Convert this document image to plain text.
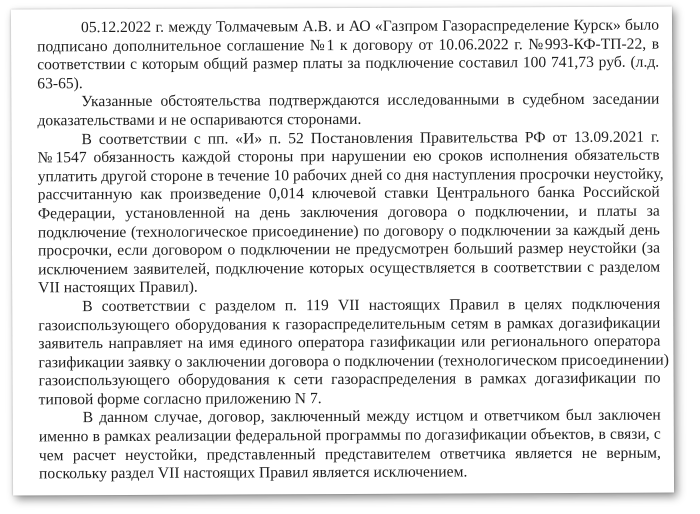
05.12.2022 г. между Толмачевым А.В. и АО «Газпром Газораспределение Курск» было
подписано дополнительное соглашение №1 к договору от 10.06.2022 г. №993-КФ-ТП-22, в
соответствии с которым общий размер платы за подключение составил 100 741,73 руб. (л.д.
63-65).
Указанные обстоятельства подтверждаются исследованными в судебном заседании
доказательствами и не оспариваются сторонами.
В соответствии с пп. «И» п. 52 Постановления Правительства РФ от 13.09.2021 г.
№1547 обязанность каждой стороны при нарушении ею сроков исполнения обязательств
уплатить другой стороне в течение 10 рабочих дней со дня наступления просрочки неустойку,
рассчитанную как произведение 0,014 ключевой ставки Центрального банка Российской
Федерации, установленной на день заключения договора о подключении, и платы за
подключение (технологическое присоединение) по договору о подключении за каждый день
просрочки, если договором о подключении не предусмотрен больший размер неустойки (за
исключением заявителей, подключение которых осуществляется в соответствии с разделом
VII настоящих Правил).
В соответствии с разделом п. 119 VII настоящих Правил в целях подключения
газоиспользующего оборудования к газораспределительным сетям в рамках догазификации
заявитель направляет на имя единого оператора газификации или регионального оператора
газификации заявку о заключении договора о подключении (технологическом присоединении)
газоиспользующего оборудования к сети газораспределения в рамках догазификации по
типовой форме согласно приложению N 7.
В данном случае, договор, заключенный между истцом и ответчиком был заключен
именно в рамках реализации федеральной программы по догазификации объектов, в связи, с
чем расчет неустойки, представленный представителем ответчика является не верным,
поскольку раздел VII настоящих Правил является исключением.
